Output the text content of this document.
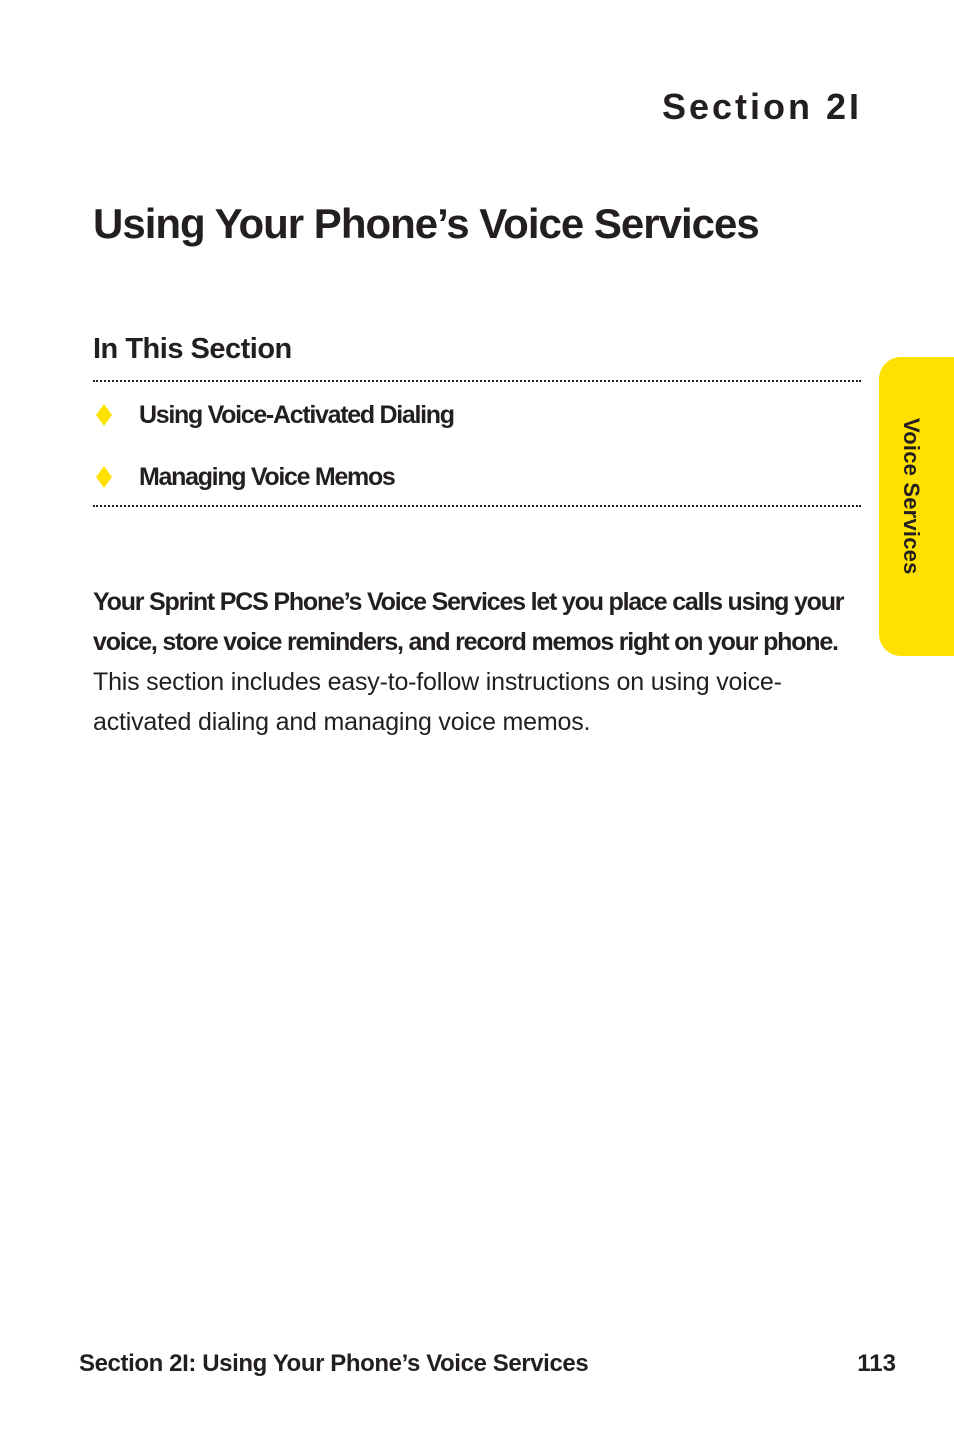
Section 2I
Using Your Phone’s Voice Services
In This Section
Using Voice-Activated Dialing
Managing Voice Memos

Your Sprint PCS Phone’s Voice Services let you place calls using your voice, store voice reminders, and record memos right on your phone. This section includes easy-to-follow instructions on using voice-activated dialing and managing voice memos.

Voice Services
Section 2I: Using Your Phone’s Voice Services	113
